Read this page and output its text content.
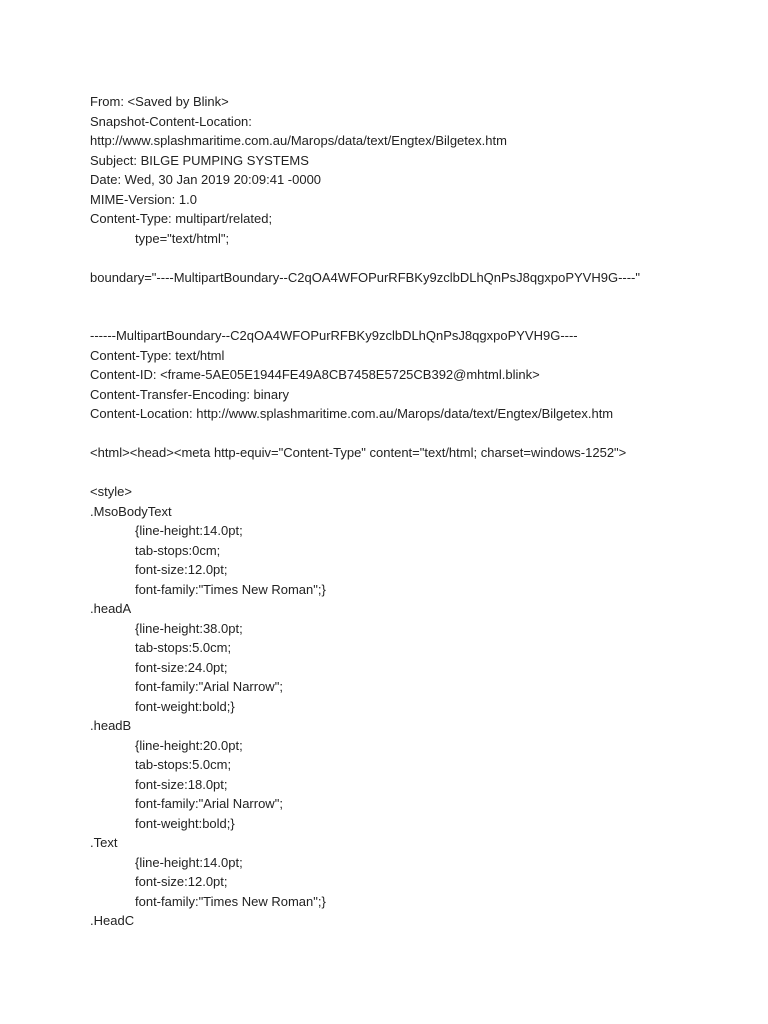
From: <Saved by Blink>
Snapshot-Content-Location:
http://www.splashmaritime.com.au/Marops/data/text/Engtex/Bilgetex.htm
Subject: BILGE PUMPING SYSTEMS
Date: Wed, 30 Jan 2019 20:09:41 -0000
MIME-Version: 1.0
Content-Type: multipart/related;
type="text/html";
boundary="----MultipartBoundary--C2qOA4WFOPurRFBKy9zclbDLhQnPsJ8qgxpoPYVH9G----"
------MultipartBoundary--C2qOA4WFOPurRFBKy9zclbDLhQnPsJ8qgxpoPYVH9G----
Content-Type: text/html
Content-ID: <frame-5AE05E1944FE49A8CB7458E5725CB392@mhtml.blink>
Content-Transfer-Encoding: binary
Content-Location: http://www.splashmaritime.com.au/Marops/data/text/Engtex/Bilgetex.htm
<html><head><meta http-equiv="Content-Type" content="text/html; charset=windows-1252">
<style>
.MsoBodyText
{line-height:14.0pt;
tab-stops:0cm;
font-size:12.0pt;
font-family:"Times New Roman";}
.headA
{line-height:38.0pt;
tab-stops:5.0cm;
font-size:24.0pt;
font-family:"Arial Narrow";
font-weight:bold;}
.headB
{line-height:20.0pt;
tab-stops:5.0cm;
font-size:18.0pt;
font-family:"Arial Narrow";
font-weight:bold;}
.Text
{line-height:14.0pt;
font-size:12.0pt;
font-family:"Times New Roman";}
.HeadC
